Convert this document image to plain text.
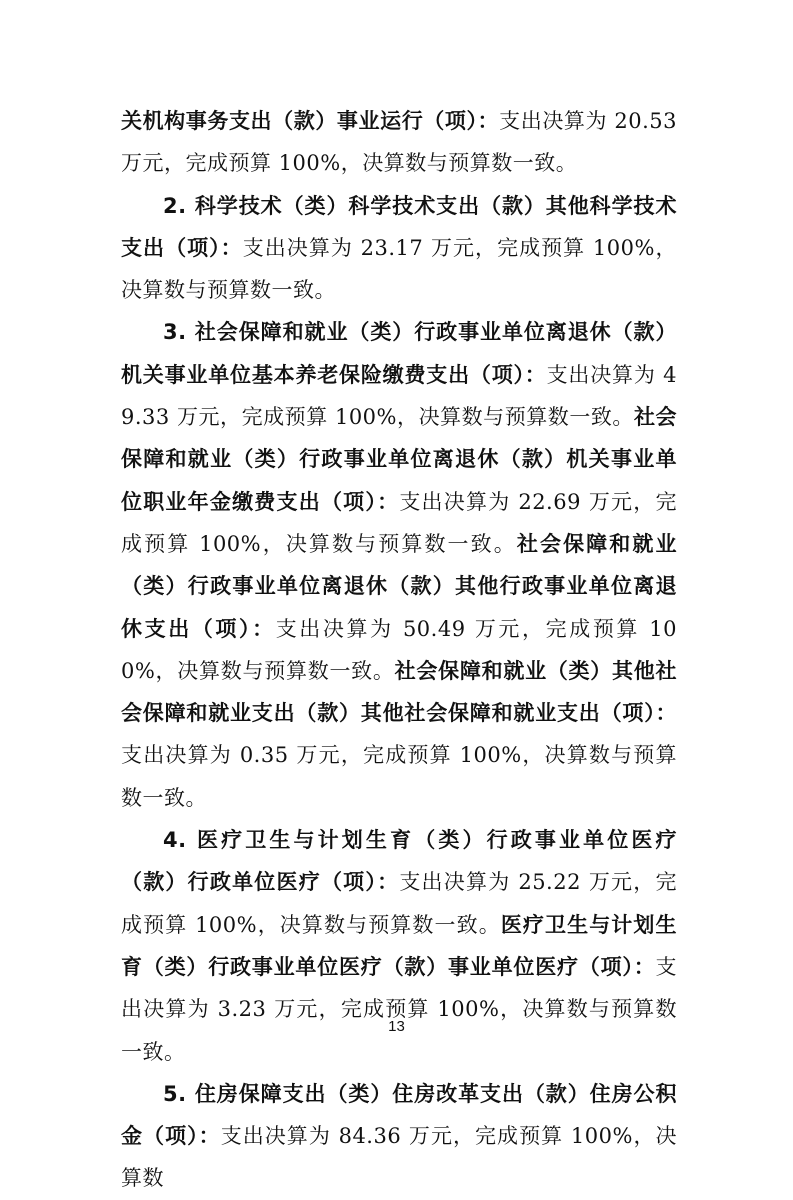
关机构事务支出（款）事业运行（项）：支出决算为 20.53 万元，完成预算 100%，决算数与预算数一致。

2. 科学技术（类）科学技术支出（款）其他科学技术支出（项）：支出决算为 23.17 万元，完成预算 100%，决算数与预算数一致。

3. 社会保障和就业（类）行政事业单位离退休（款）机关事业单位基本养老保险缴费支出（项）：支出决算为 49.33 万元，完成预算 100%，决算数与预算数一致。社会保障和就业（类）行政事业单位离退休（款）机关事业单位职业年金缴费支出（项）：支出决算为 22.69 万元，完成预算 100%，决算数与预算数一致。社会保障和就业（类）行政事业单位离退休（款）其他行政事业单位离退休支出（项）：支出决算为 50.49 万元，完成预算 100%，决算数与预算数一致。社会保障和就业（类）其他社会保障和就业支出（款）其他社会保障和就业支出（项）：支出决算为 0.35 万元，完成预算 100%，决算数与预算数一致。

4. 医疗卫生与计划生育（类）行政事业单位医疗（款）行政单位医疗（项）：支出决算为 25.22 万元，完成预算 100%，决算数与预算数一致。医疗卫生与计划生育（类）行政事业单位医疗（款）事业单位医疗（项）：支出决算为 3.23 万元，完成预算 100%，决算数与预算数一致。

5. 住房保障支出（类）住房改革支出（款）住房公积金（项）：支出决算为 84.36 万元，完成预算 100%，决算数

13
